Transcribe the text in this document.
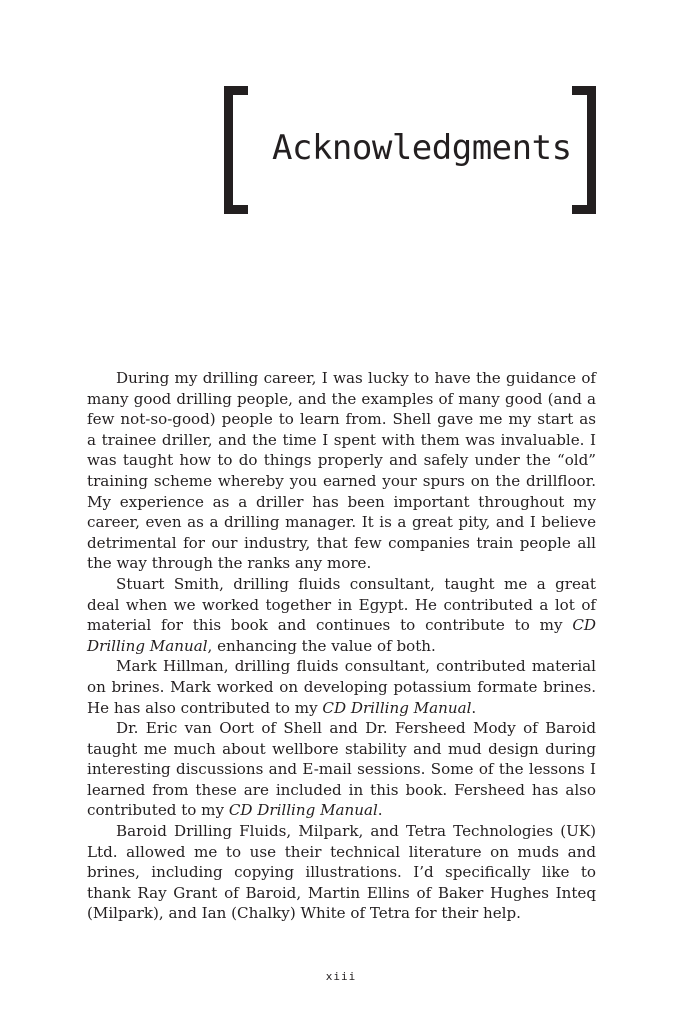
Acknowledgments

During my drilling career, I was lucky to have the guidance of many good drilling people, and the examples of many good (and a few not-so-good) people to learn from. Shell gave me my start as a trainee driller, and the time I spent with them was invaluable. I was taught how to do things properly and safely under the “old” training scheme whereby you earned your spurs on the drillfloor. My experience as a driller has been important throughout my career, even as a drilling manager. It is a great pity, and I believe detrimental for our industry, that few companies train people all the way through the ranks any more.

Stuart Smith, drilling fluids consultant, taught me a great deal when we worked together in Egypt. He contributed a lot of material for this book and continues to contribute to my CD Drilling Manual, enhancing the value of both.

Mark Hillman, drilling fluids consultant, contributed material on brines. Mark worked on developing potassium formate brines. He has also contributed to my CD Drilling Manual.

Dr. Eric van Oort of Shell and Dr. Fersheed Mody of Baroid taught me much about wellbore stability and mud design during interesting discussions and E-mail sessions. Some of the lessons I learned from these are included in this book. Fersheed has also contributed to my CD Drilling Manual.

Baroid Drilling Fluids, Milpark, and Tetra Technologies (UK) Ltd. allowed me to use their technical literature on muds and brines, including copying illustrations. I’d specifically like to thank Ray Grant of Baroid, Martin Ellins of Baker Hughes Inteq (Milpark), and Ian (Chalky) White of Tetra for their help.

xiii
